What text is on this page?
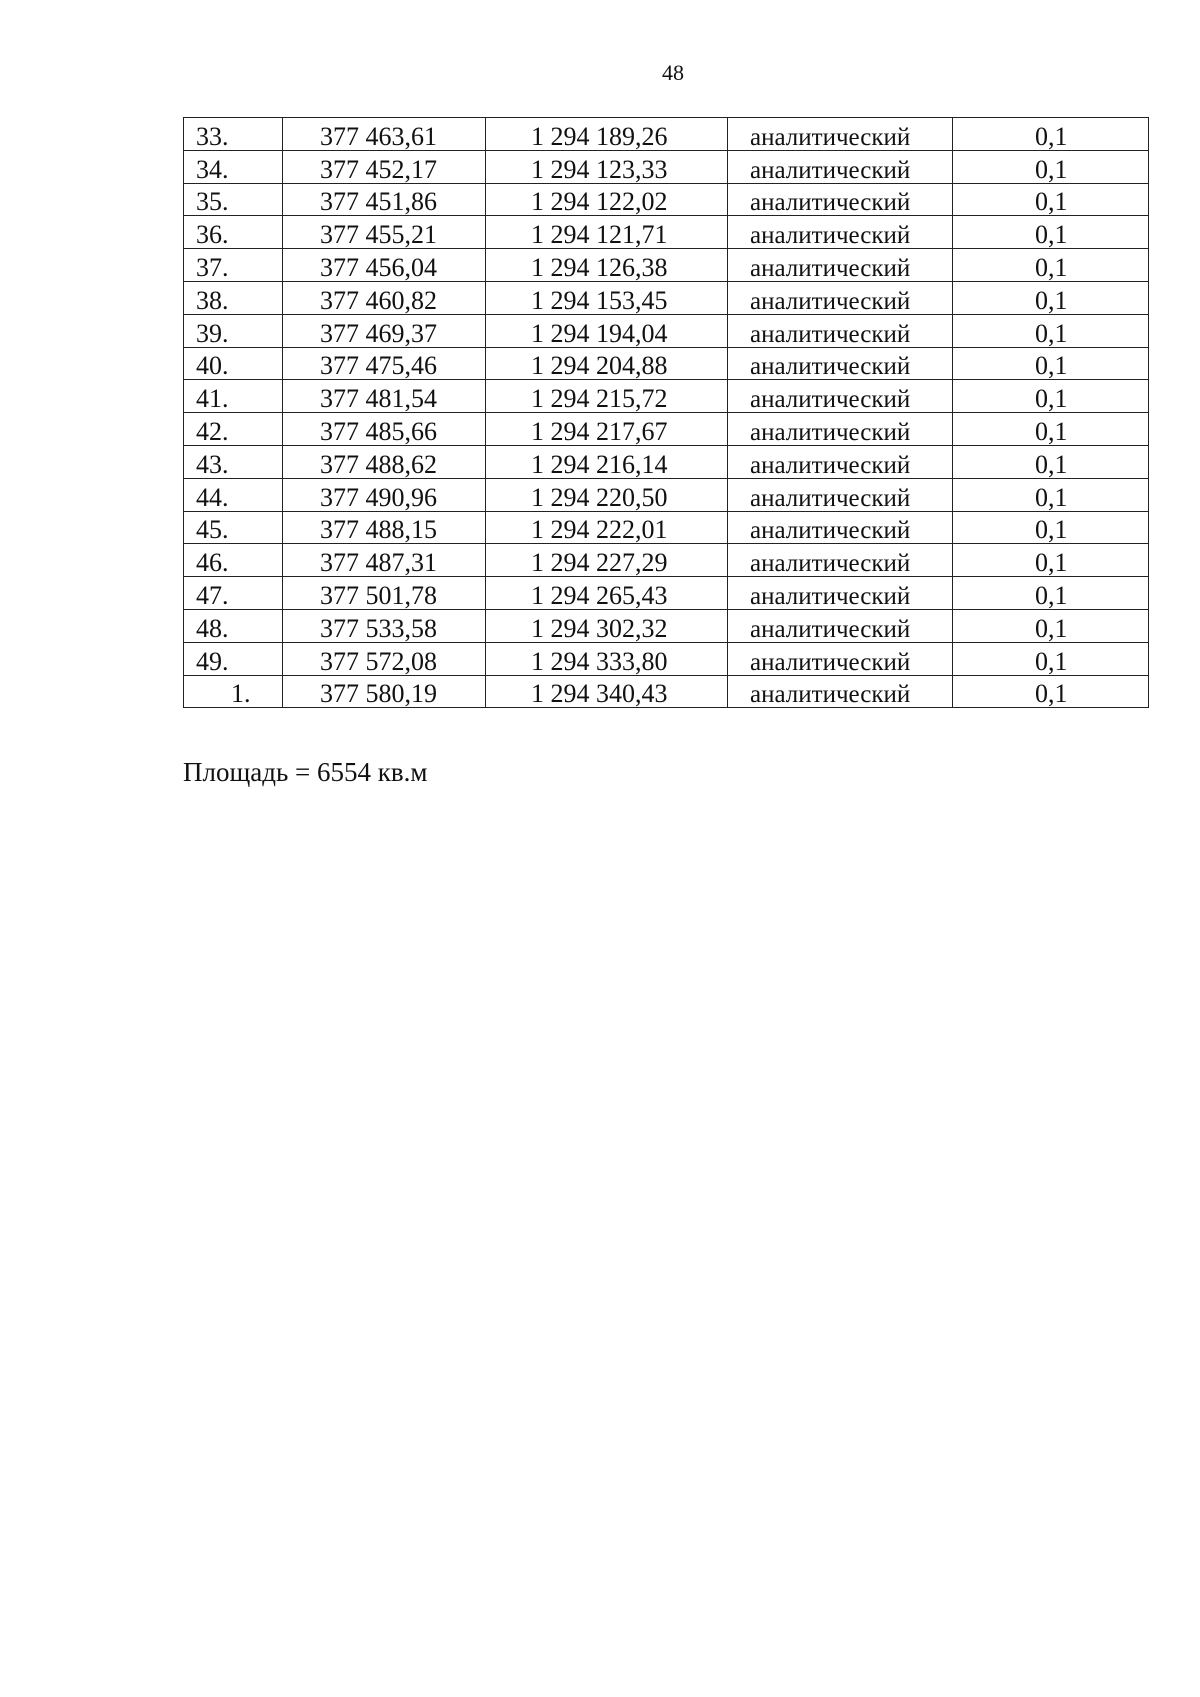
48
33.	377 463,61	1 294 189,26	аналитический	0,1
34.	377 452,17	1 294 123,33	аналитический	0,1
35.	377 451,86	1 294 122,02	аналитический	0,1
36.	377 455,21	1 294 121,71	аналитический	0,1
37.	377 456,04	1 294 126,38	аналитический	0,1
38.	377 460,82	1 294 153,45	аналитический	0,1
39.	377 469,37	1 294 194,04	аналитический	0,1
40.	377 475,46	1 294 204,88	аналитический	0,1
41.	377 481,54	1 294 215,72	аналитический	0,1
42.	377 485,66	1 294 217,67	аналитический	0,1
43.	377 488,62	1 294 216,14	аналитический	0,1
44.	377 490,96	1 294 220,50	аналитический	0,1
45.	377 488,15	1 294 222,01	аналитический	0,1
46.	377 487,31	1 294 227,29	аналитический	0,1
47.	377 501,78	1 294 265,43	аналитический	0,1
48.	377 533,58	1 294 302,32	аналитический	0,1
49.	377 572,08	1 294 333,80	аналитический	0,1
1.	377 580,19	1 294 340,43	аналитический	0,1
Площадь = 6554 кв.м
